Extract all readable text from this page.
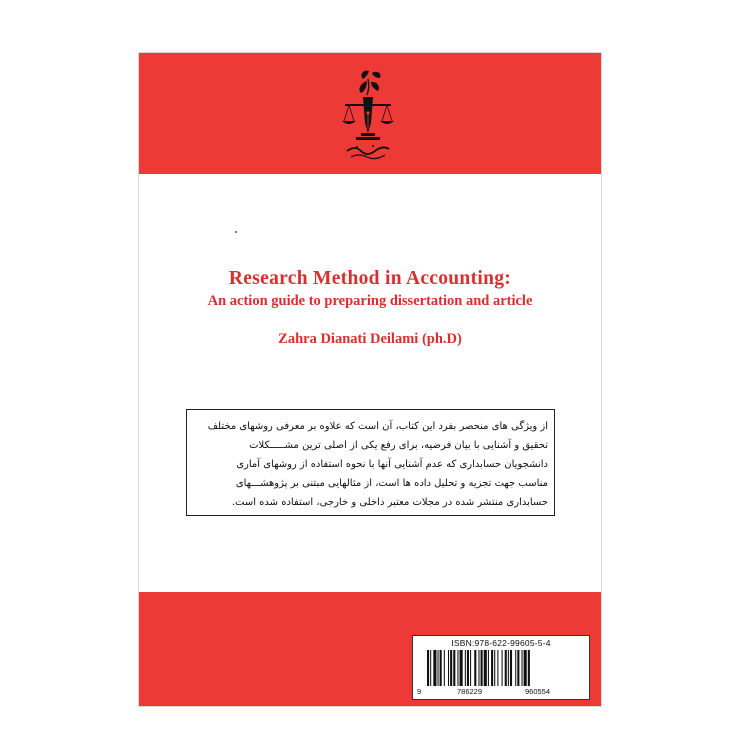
Research Method in Accounting:

An action guide to preparing dissertation and article

Zahra Dianati Deilami (ph.D)

از ویژگی های منحصر بفرد این کتاب، آن است که علاوه بر معرفی روشهای مختلف

تحقیق و آشنایی با بیان فرضیه، برای رفع یکی از اصلی ترین مشـــــکلات

دانشجویان حسابداری که عدم آشنایی آنها با نحوه استفاده از روشهای آماری

مناسب جهت تجزیه و تحلیل داده ها است، از مثالهایی مبتنی بر پژوهشـــهای

حسابداری منتشر شده در مجلات معتبر داخلی و خارجی، استفاده شده است.

ISBN:978-622-99605-5-4
9	786229	960554
